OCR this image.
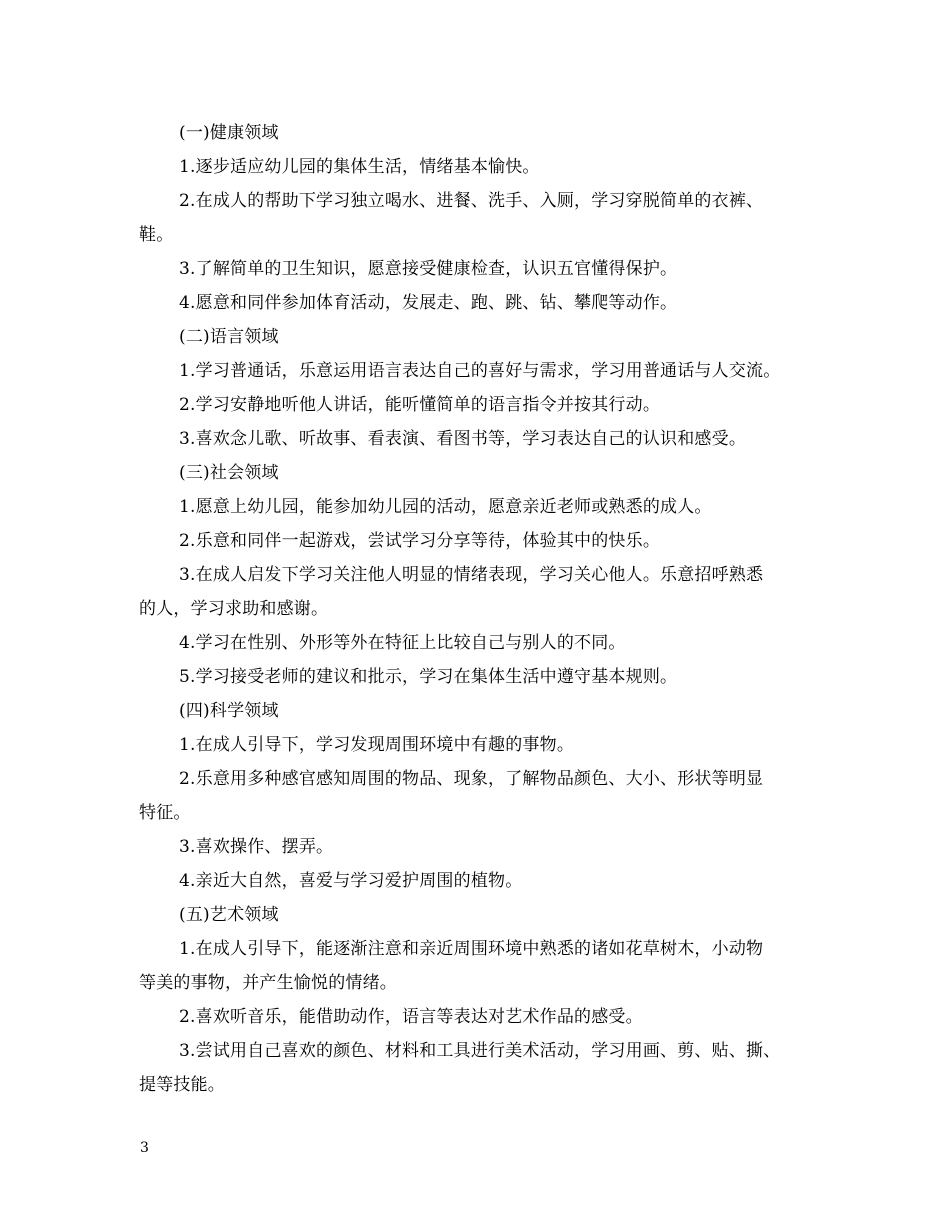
(一)健康领域
1.逐步适应幼儿园的集体生活，情绪基本愉快。
2.在成人的帮助下学习独立喝水、进餐、洗手、入厕，学习穿脱简单的衣裤、
鞋。
3.了解简单的卫生知识，愿意接受健康检查，认识五官懂得保护。
4.愿意和同伴参加体育活动，发展走、跑、跳、钻、攀爬等动作。
(二)语言领域
1.学习普通话，乐意运用语言表达自己的喜好与需求，学习用普通话与人交流。
2.学习安静地听他人讲话，能听懂简单的语言指令并按其行动。
3.喜欢念儿歌、听故事、看表演、看图书等，学习表达自己的认识和感受。
(三)社会领域
1.愿意上幼儿园，能参加幼儿园的活动，愿意亲近老师或熟悉的成人。
2.乐意和同伴一起游戏，尝试学习分享等待，体验其中的快乐。
3.在成人启发下学习关注他人明显的情绪表现，学习关心他人。乐意招呼熟悉
的人，学习求助和感谢。
4.学习在性别、外形等外在特征上比较自己与别人的不同。
5.学习接受老师的建议和批示，学习在集体生活中遵守基本规则。
(四)科学领域
1.在成人引导下，学习发现周围环境中有趣的事物。
2.乐意用多种感官感知周围的物品、现象，了解物品颜色、大小、形状等明显
特征。
3.喜欢操作、摆弄。
4.亲近大自然，喜爱与学习爱护周围的植物。
(五)艺术领域
1.在成人引导下，能逐渐注意和亲近周围环境中熟悉的诸如花草树木，小动物
等美的事物，并产生愉悦的情绪。
2.喜欢听音乐，能借助动作，语言等表达对艺术作品的感受。
3.尝试用自己喜欢的颜色、材料和工具进行美术活动，学习用画、剪、贴、撕、
提等技能。
3
